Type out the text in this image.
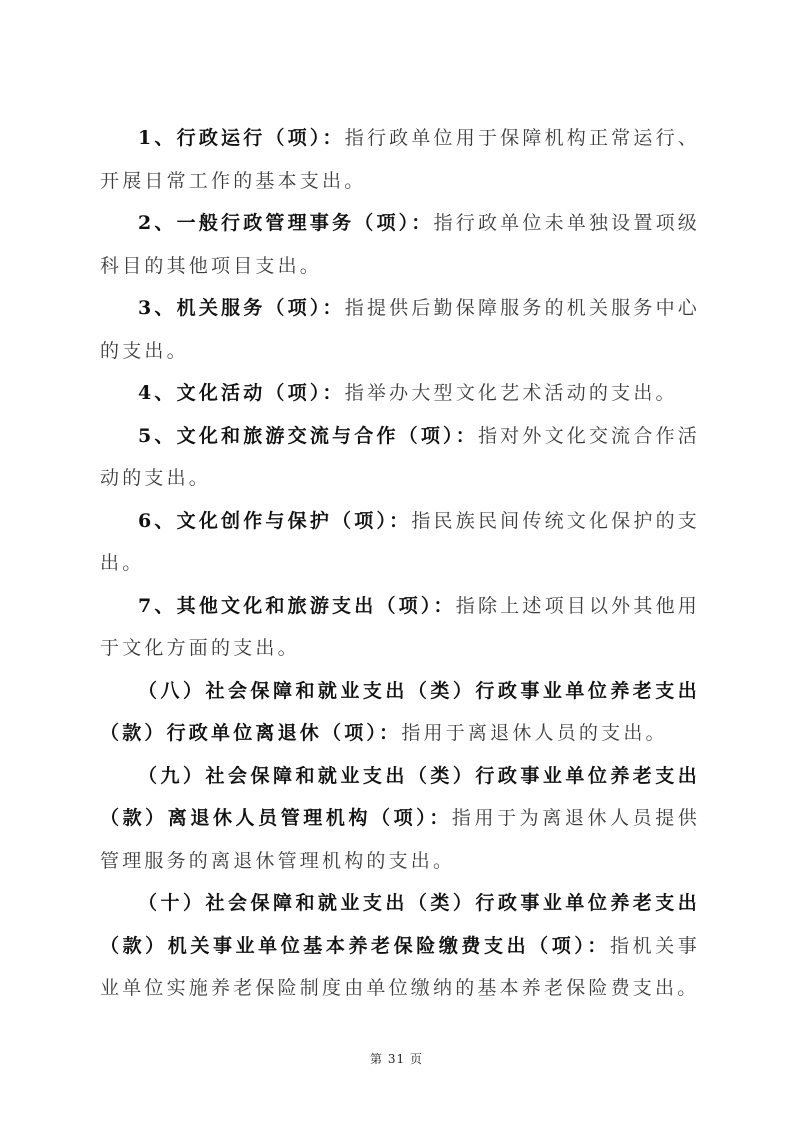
1、行政运行（项）：指行政单位用于保障机构正常运行、开展日常工作的基本支出。

2、一般行政管理事务（项）：指行政单位未单独设置项级科目的其他项目支出。

3、机关服务（项）：指提供后勤保障服务的机关服务中心的支出。

4、文化活动（项）：指举办大型文化艺术活动的支出。

5、文化和旅游交流与合作（项）：指对外文化交流合作活动的支出。

6、文化创作与保护（项）：指民族民间传统文化保护的支出。

7、其他文化和旅游支出（项）：指除上述项目以外其他用于文化方面的支出。

（八）社会保障和就业支出（类）行政事业单位养老支出（款）行政单位离退休（项）：指用于离退休人员的支出。

（九）社会保障和就业支出（类）行政事业单位养老支出（款）离退休人员管理机构（项）：指用于为离退休人员提供管理服务的离退休管理机构的支出。

（十）社会保障和就业支出（类）行政事业单位养老支出（款）机关事业单位基本养老保险缴费支出（项）：指机关事业单位实施养老保险制度由单位缴纳的基本养老保险费支出。

第 31 页
